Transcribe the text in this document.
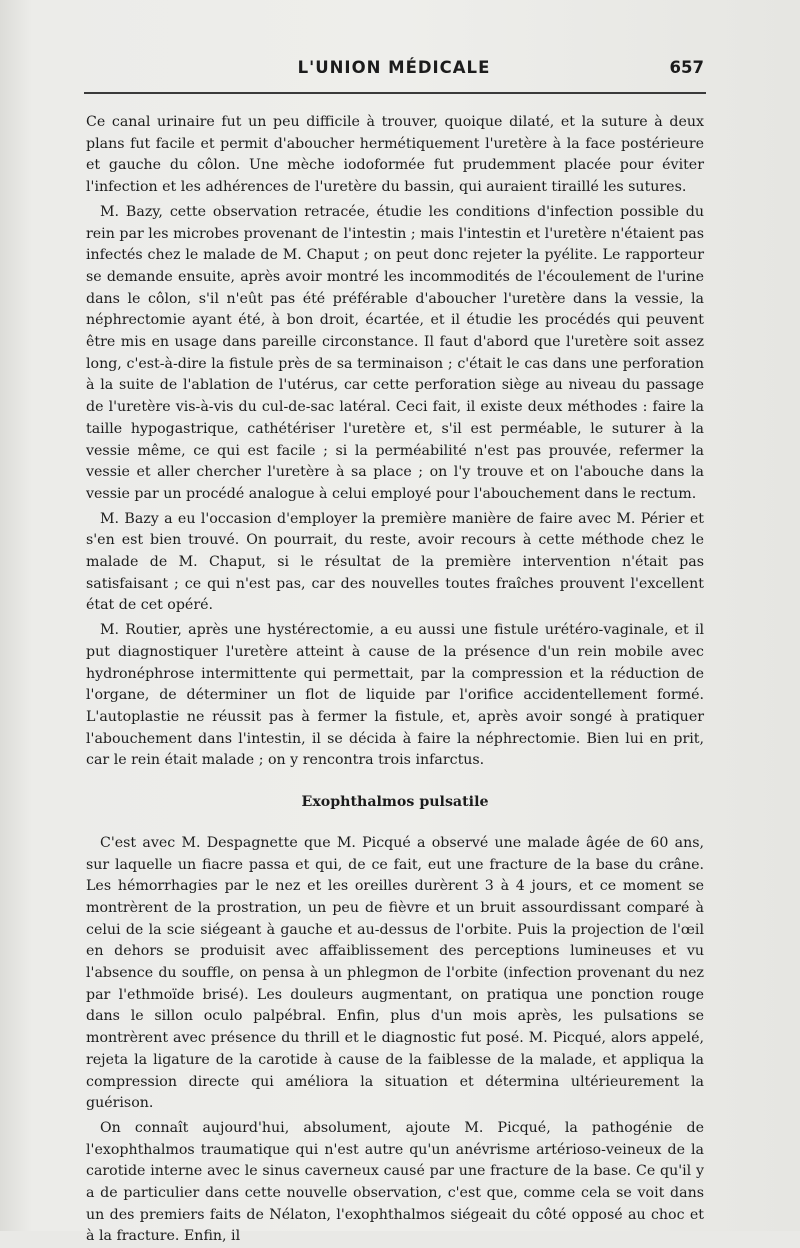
L'UNION MÉDICALE	657

Ce canal urinaire fut un peu difficile à trouver, quoique dilaté, et la suture à deux plans fut facile et permit d'aboucher hermétiquement l'uretère à la face postérieure et gauche du côlon. Une mèche iodoformée fut prudemment placée pour éviter l'infection et les adhérences de l'uretère du bassin, qui auraient tiraillé les sutures.

M. Bazy, cette observation retracée, étudie les conditions d'infection possible du rein par les microbes provenant de l'intestin ; mais l'intestin et l'uretère n'étaient pas infectés chez le malade de M. Chaput ; on peut donc rejeter la pyélite. Le rapporteur se demande ensuite, après avoir montré les incommodités de l'écoulement de l'urine dans le côlon, s'il n'eût pas été préférable d'aboucher l'uretère dans la vessie, la néphrectomie ayant été, à bon droit, écartée, et il étudie les procédés qui peuvent être mis en usage dans pareille circonstance. Il faut d'abord que l'uretère soit assez long, c'est-à-dire la fistule près de sa terminaison ; c'était le cas dans une perforation à la suite de l'ablation de l'utérus, car cette perforation siège au niveau du passage de l'uretère vis-à-vis du cul-de-sac latéral. Ceci fait, il existe deux méthodes : faire la taille hypogastrique, cathétériser l'uretère et, s'il est perméable, le suturer à la vessie même, ce qui est facile ; si la perméabilité n'est pas prouvée, refermer la vessie et aller chercher l'uretère à sa place ; on l'y trouve et on l'abouche dans la vessie par un procédé analogue à celui employé pour l'abouchement dans le rectum.

M. Bazy a eu l'occasion d'employer la première manière de faire avec M. Périer et s'en est bien trouvé. On pourrait, du reste, avoir recours à cette méthode chez le malade de M. Chaput, si le résultat de la première intervention n'était pas satisfaisant ; ce qui n'est pas, car des nouvelles toutes fraîches prouvent l'excellent état de cet opéré.

M. Routier, après une hystérectomie, a eu aussi une fistule urétéro-vaginale, et il put diagnostiquer l'uretère atteint à cause de la présence d'un rein mobile avec hydronéphrose intermittente qui permettait, par la compression et la réduction de l'organe, de déterminer un flot de liquide par l'orifice accidentellement formé. L'autoplastie ne réussit pas à fermer la fistule, et, après avoir songé à pratiquer l'abouchement dans l'intestin, il se décida à faire la néphrectomie. Bien lui en prit, car le rein était malade ; on y rencontra trois infarctus.

Exophthalmos pulsatile

C'est avec M. Despagnette que M. Picqué a observé une malade âgée de 60 ans, sur laquelle un fiacre passa et qui, de ce fait, eut une fracture de la base du crâne. Les hémorrhagies par le nez et les oreilles durèrent 3 à 4 jours, et ce moment se montrèrent de la prostration, un peu de fièvre et un bruit assourdissant comparé à celui de la scie siégeant à gauche et au-dessus de l'orbite. Puis la projection de l'œil en dehors se produisit avec affaiblissement des perceptions lumineuses et vu l'absence du souffle, on pensa à un phlegmon de l'orbite (infection provenant du nez par l'ethmoïde brisé). Les douleurs augmentant, on pratiqua une ponction rouge dans le sillon oculo palpébral. Enfin, plus d'un mois après, les pulsations se montrèrent avec présence du thrill et le diagnostic fut posé. M. Picqué, alors appelé, rejeta la ligature de la carotide à cause de la faiblesse de la malade, et appliqua la compression directe qui améliora la situation et détermina ultérieurement la guérison.

On connaît aujourd'hui, absolument, ajoute M. Picqué, la pathogénie de l'exophthalmos traumatique qui n'est autre qu'un anévrisme artérioso-veineux de la carotide interne avec le sinus caverneux causé par une fracture de la base. Ce qu'il y a de particulier dans cette nouvelle observation, c'est que, comme cela se voit dans un des premiers faits de Nélaton, l'exophthalmos siégeait du côté opposé au choc et à la fracture. Enfin, il
